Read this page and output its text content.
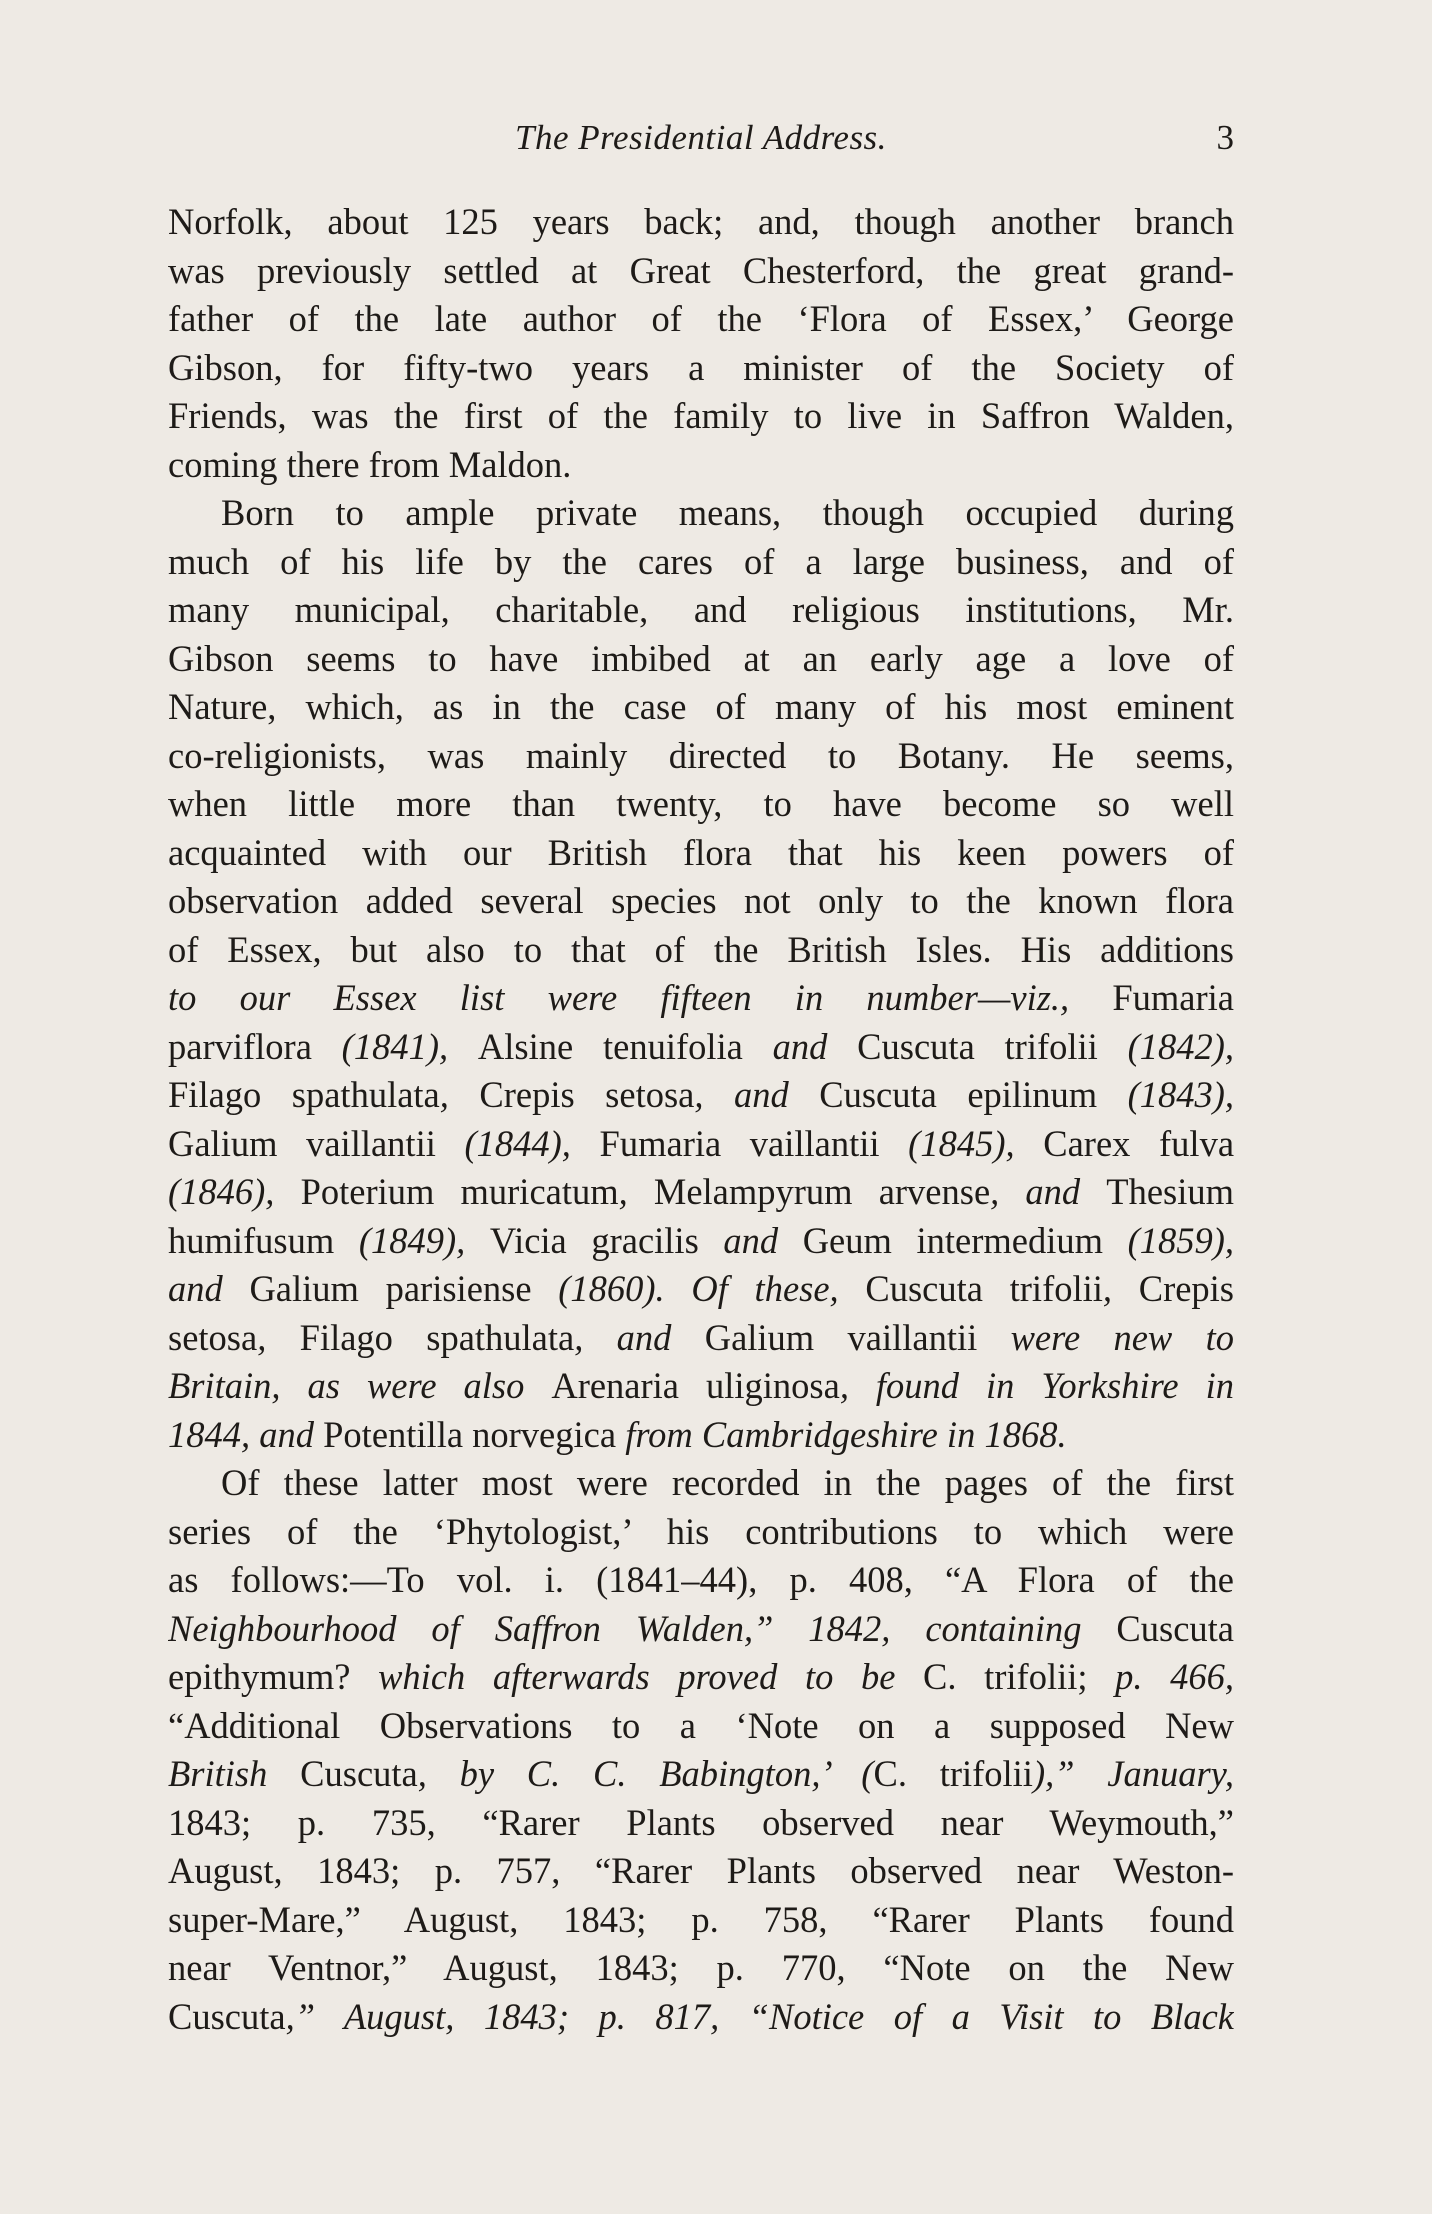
The Presidential Address.	3
Norfolk, about 125 years back; and, though another branch
was previously settled at Great Chesterford, the great grand-
father of the late author of the ‘Flora of Essex,’ George
Gibson, for fifty-two years a minister of the Society of
Friends, was the first of the family to live in Saffron Walden,
coming there from Maldon.
Born to ample private means, though occupied during
much of his life by the cares of a large business, and of
many municipal, charitable, and religious institutions, Mr.
Gibson seems to have imbibed at an early age a love of
Nature, which, as in the case of many of his most eminent
co-religionists, was mainly directed to Botany. He seems,
when little more than twenty, to have become so well
acquainted with our British flora that his keen powers of
observation added several species not only to the known flora
of Essex, but also to that of the British Isles. His additions
to our Essex list were fifteen in number—viz., Fumaria
parviflora (1841), Alsine tenuifolia and Cuscuta trifolii (1842),
Filago spathulata, Crepis setosa, and Cuscuta epilinum (1843),
Galium vaillantii (1844), Fumaria vaillantii (1845), Carex fulva
(1846), Poterium muricatum, Melampyrum arvense, and Thesium
humifusum (1849), Vicia gracilis and Geum intermedium (1859),
and Galium parisiense (1860). Of these, Cuscuta trifolii, Crepis
setosa, Filago spathulata, and Galium vaillantii were new to
Britain, as were also Arenaria uliginosa, found in Yorkshire in
1844, and Potentilla norvegica from Cambridgeshire in 1868.
Of these latter most were recorded in the pages of the first
series of the ‘Phytologist,’ his contributions to which were
as follows:—To vol. i. (1841–44), p. 408, “A Flora of the
Neighbourhood of Saffron Walden,” 1842, containing Cuscuta
epithymum? which afterwards proved to be C. trifolii; p. 466,
“Additional Observations to a ‘Note on a supposed New
British Cuscuta, by C. C. Babington,’ (C. trifolii),” January,
1843; p. 735, “Rarer Plants observed near Weymouth,”
August, 1843; p. 757, “Rarer Plants observed near Weston-
super-Mare,” August, 1843; p. 758, “Rarer Plants found
near Ventnor,” August, 1843; p. 770, “Note on the New
Cuscuta,” August, 1843; p. 817, “Notice of a Visit to Black
